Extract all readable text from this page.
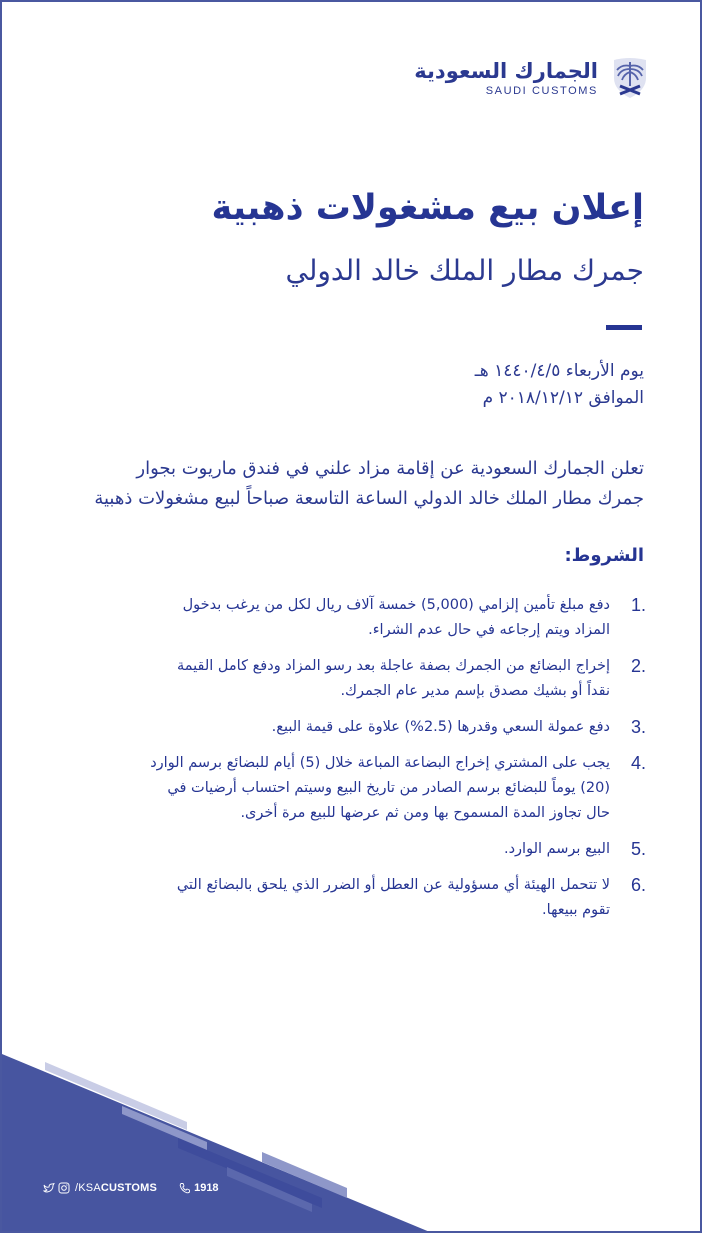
الجمارك السعودية
SAUDI CUSTOMS
إعلان بيع مشغولات ذهبية
جمرك مطار الملك خالد الدولي
يوم الأربعاء ١٤٤٠/٤/٥ هـ
الموافق ٢٠١٨/١٢/١٢ م
تعلن الجمارك السعودية عن إقامة مزاد علني في فندق ماريوت بجوار
جمرك مطار الملك خالد الدولي الساعة التاسعة صباحاً لبيع مشغولات ذهبية
الشروط:
1.
دفع مبلغ تأمين إلزامي (5,000) خمسة آلاف ريال لكل من يرغب بدخول المزاد ويتم إرجاعه في حال عدم الشراء.
2.
إخراج البضائع من الجمرك بصفة عاجلة بعد رسو المزاد ودفع كامل القيمة نقداً أو بشيك مصدق بإسم مدير عام الجمرك.
3.
دفع عمولة السعي وقدرها (2.5%) علاوة على قيمة البيع.
4.
يجب على المشتري إخراج البضاعة المباعة خلال (5) أيام للبضائع برسم الوارد (20) يوماً للبضائع برسم الصادر من تاريخ البيع وسيتم احتساب أرضيات في حال تجاوز المدة المسموح بها ومن ثم عرضها للبيع مرة أخرى.
5.
البيع برسم الوارد.
6.
لا تتحمل الهيئة أي مسؤولية عن العطل أو الضرر الذي يلحق بالبضائع التي تقوم ببيعها.
/KSACUSTOMS	1918
